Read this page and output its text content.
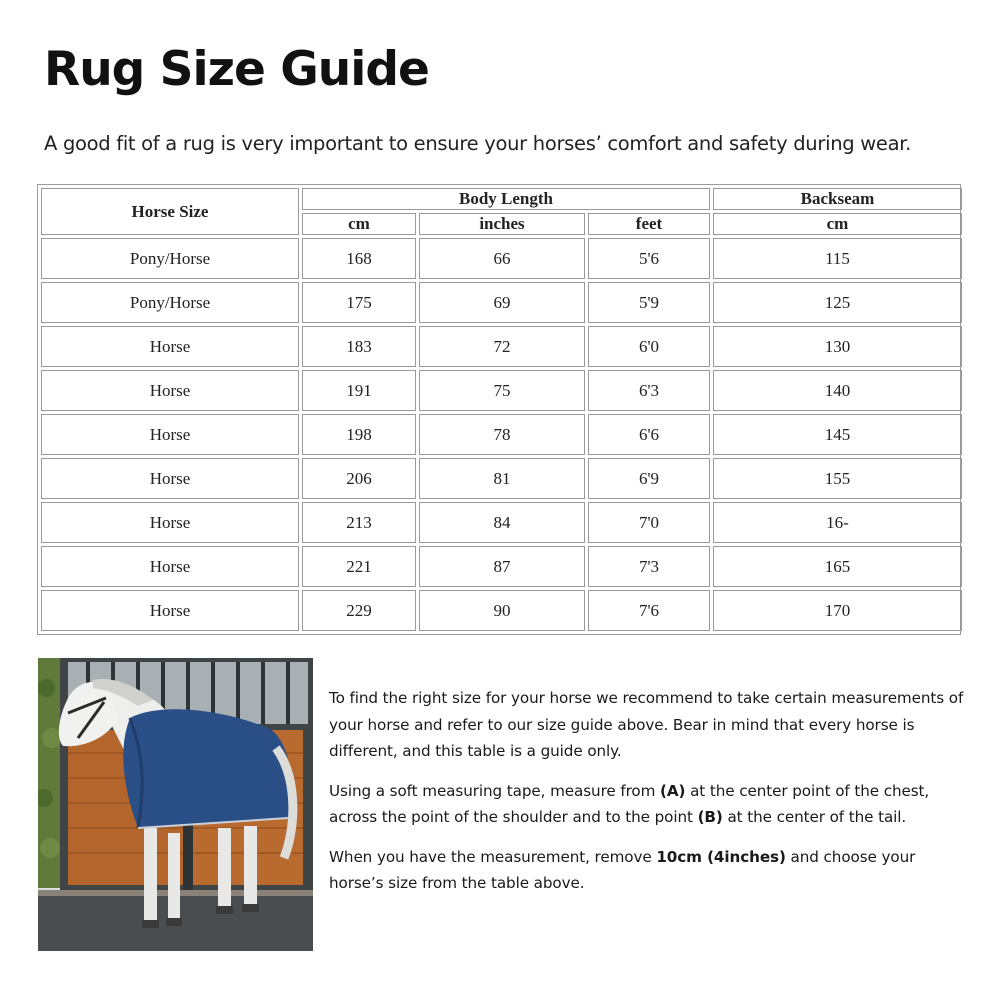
Rug Size Guide

A good fit of a rug is very important to ensure your horses’ comfort and safety during wear.

Horse Size	Body Length			Backseam
	cm	inches	feet	cm
Pony/Horse	168	66	5'6	115
Pony/Horse	175	69	5'9	125
Horse	183	72	6'0	130
Horse	191	75	6'3	140
Horse	198	78	6'6	145
Horse	206	81	6'9	155
Horse	213	84	7'0	16-
Horse	221	87	7'3	165
Horse	229	90	7'6	170

To find the right size for your horse we recommend to take certain measurements of your horse and refer to our size guide above. Bear in mind that every horse is different, and this table is a guide only.

Using a soft measuring tape, measure from (A) at the center point of the chest, across the point of the shoulder and to the point (B) at the center of the tail.

When you have the measurement, remove 10cm (4inches) and choose your horse’s size from the table above.
